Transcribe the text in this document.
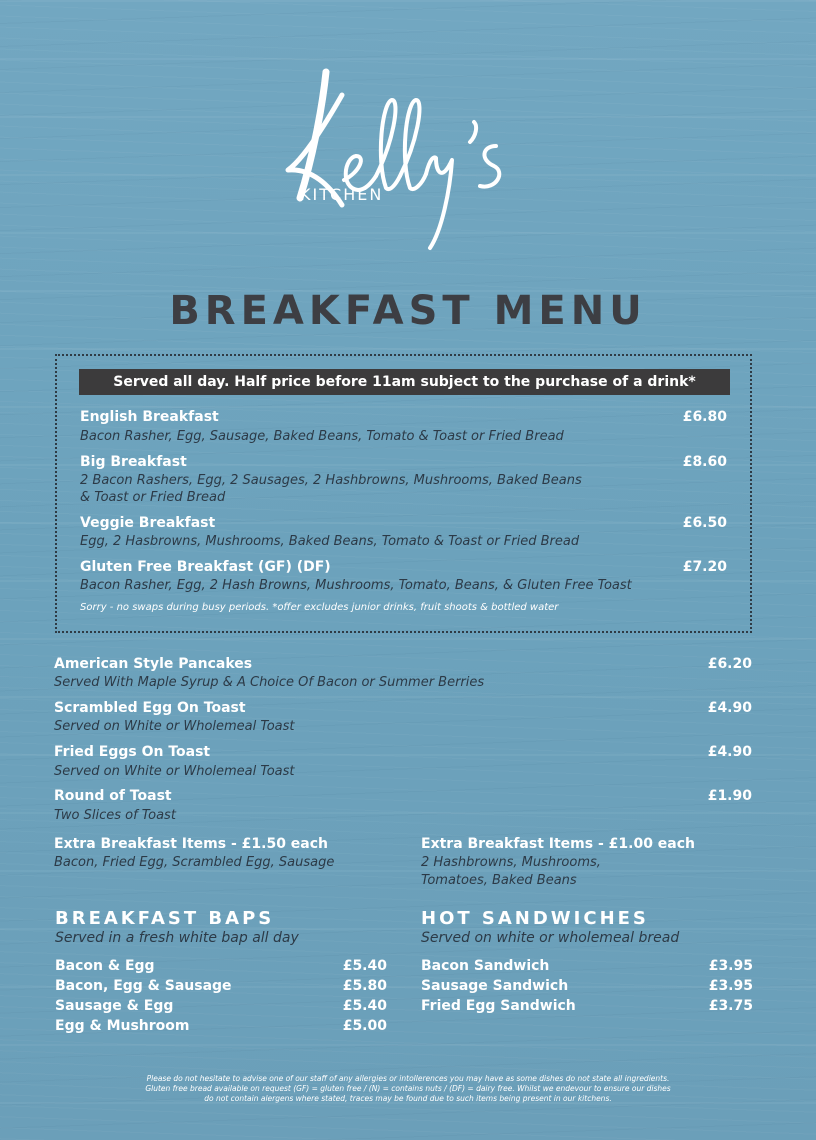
KITCHEN
BREAKFAST MENU
Served all day. Half price before 11am subject to the purchase of a drink*
English Breakfast	£6.80
Bacon Rasher, Egg, Sausage, Baked Beans, Tomato & Toast or Fried Bread
Big Breakfast	£8.60
2 Bacon Rashers, Egg, 2 Sausages, 2 Hashbrowns, Mushrooms, Baked Beans
& Toast or Fried Bread
Veggie Breakfast	£6.50
Egg, 2 Hasbrowns, Mushrooms, Baked Beans, Tomato & Toast or Fried Bread
Gluten Free Breakfast (GF) (DF)	£7.20
Bacon Rasher, Egg, 2 Hash Browns, Mushrooms, Tomato, Beans, & Gluten Free Toast
Sorry - no swaps during busy periods. *offer excludes junior drinks, fruit shoots & bottled water
American Style Pancakes	£6.20
Served With Maple Syrup & A Choice Of Bacon or Summer Berries
Scrambled Egg On Toast	£4.90
Served on White or Wholemeal Toast
Fried Eggs On Toast	£4.90
Served on White or Wholemeal Toast
Round of Toast	£1.90
Two Slices of Toast
Extra Breakfast Items - £1.50 each
Bacon, Fried Egg, Scrambled Egg, Sausage
Extra Breakfast Items - £1.00 each
2 Hashbrowns, Mushrooms,
Tomatoes, Baked Beans
BREAKFAST BAPS
Served in a fresh white bap all day
Bacon & Egg	£5.40
Bacon, Egg & Sausage	£5.80
Sausage & Egg	£5.40
Egg & Mushroom	£5.00
HOT SANDWICHES
Served on white or wholemeal bread
Bacon Sandwich	£3.95
Sausage Sandwich	£3.95
Fried Egg Sandwich	£3.75
Please do not hesitate to advise one of our staff of any allergies or intollerences you may have as some dishes do not state all ingredients.
Gluten free bread available on request (GF) = gluten free / (N) = contains nuts / (DF) = dairy free. Whilst we endevour to ensure our dishes
do not contain alergens where stated, traces may be found due to such items being present in our kitchens.
